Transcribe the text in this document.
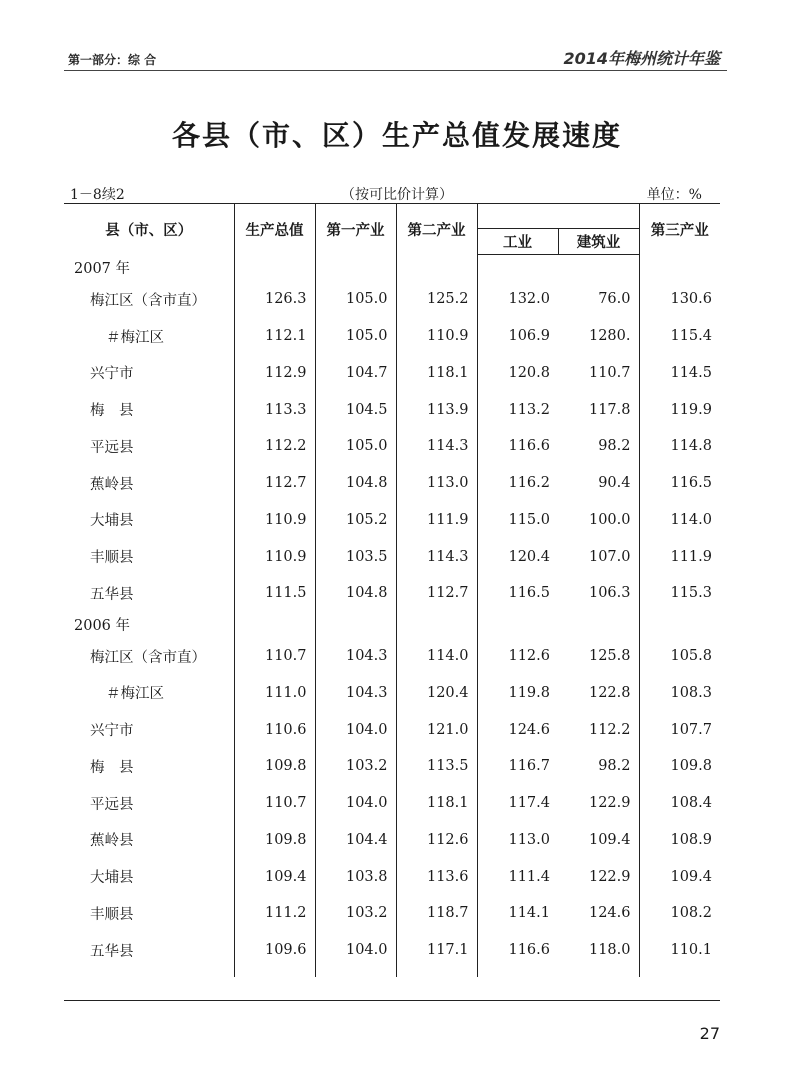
第一部分：综 合	2014年梅州统计年鉴
各县（市、区）生产总值发展速度
1－8续2	（按可比价计算）	单位：%
县（市、区）	生产总值	第一产业	第二产业			第三产业
				工业	建筑业	
2007 年						
梅江区（含市直）	126.3	105.0	125.2	132.0	76.0	130.6
＃梅江区	112.1	105.0	110.9	106.9	1280.	115.4
兴宁市	112.9	104.7	118.1	120.8	110.7	114.5
梅　县	113.3	104.5	113.9	113.2	117.8	119.9
平远县	112.2	105.0	114.3	116.6	98.2	114.8
蕉岭县	112.7	104.8	113.0	116.2	90.4	116.5
大埔县	110.9	105.2	111.9	115.0	100.0	114.0
丰顺县	110.9	103.5	114.3	120.4	107.0	111.9
五华县	111.5	104.8	112.7	116.5	106.3	115.3
2006 年						
梅江区（含市直）	110.7	104.3	114.0	112.6	125.8	105.8
＃梅江区	111.0	104.3	120.4	119.8	122.8	108.3
兴宁市	110.6	104.0	121.0	124.6	112.2	107.7
梅　县	109.8	103.2	113.5	116.7	98.2	109.8
平远县	110.7	104.0	118.1	117.4	122.9	108.4
蕉岭县	109.8	104.4	112.6	113.0	109.4	108.9
大埔县	109.4	103.8	113.6	111.4	122.9	109.4
丰顺县	111.2	103.2	118.7	114.1	124.6	108.2
五华县	109.6	104.0	117.1	116.6	118.0	110.1
27
